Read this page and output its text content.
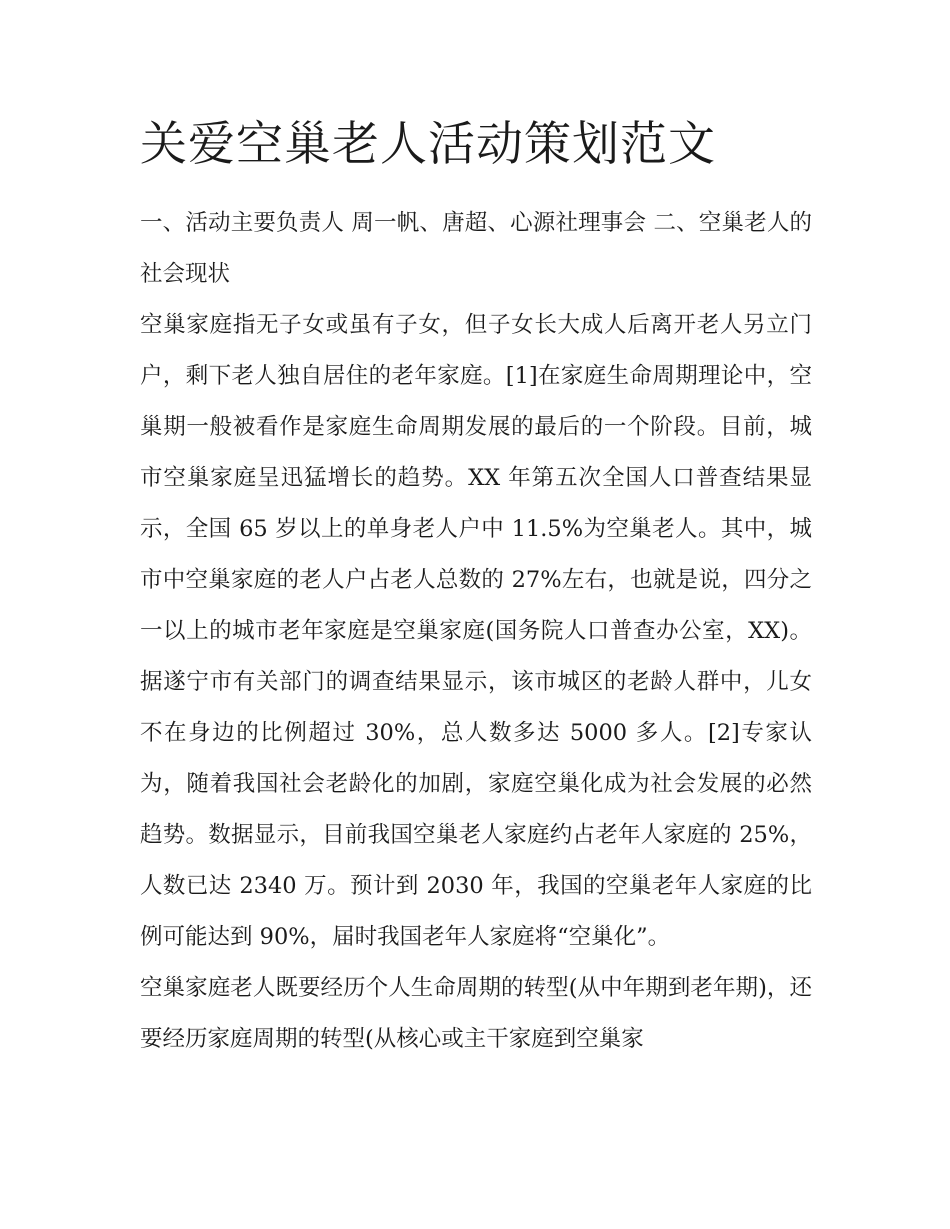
关爱空巢老人活动策划范文

一、活动主要负责人 周一帆、唐超、心源社理事会 二、空巢老人的社会现状

空巢家庭指无子女或虽有子女，但子女长大成人后离开老人另立门户，剩下老人独自居住的老年家庭。[1]在家庭生命周期理论中，空巢期一般被看作是家庭生命周期发展的最后的一个阶段。目前，城市空巢家庭呈迅猛增长的趋势。XX 年第五次全国人口普查结果显示，全国 65 岁以上的单身老人户中 11.5%为空巢老人。其中，城市中空巢家庭的老人户占老人总数的 27%左右，也就是说，四分之一以上的城市老年家庭是空巢家庭(国务院人口普查办公室，XX)。据遂宁市有关部门的调查结果显示，该市城区的老龄人群中，儿女不在身边的比例超过 30%，总人数多达 5000 多人。[2]专家认为，随着我国社会老龄化的加剧，家庭空巢化成为社会发展的必然趋势。数据显示，目前我国空巢老人家庭约占老年人家庭的 25%，人数已达 2340 万。预计到 2030 年，我国的空巢老年人家庭的比例可能达到 90%，届时我国老年人家庭将“空巢化”。

空巢家庭老人既要经历个人生命周期的转型(从中年期到老年期)，还要经历家庭周期的转型(从核心或主干家庭到空巢家
